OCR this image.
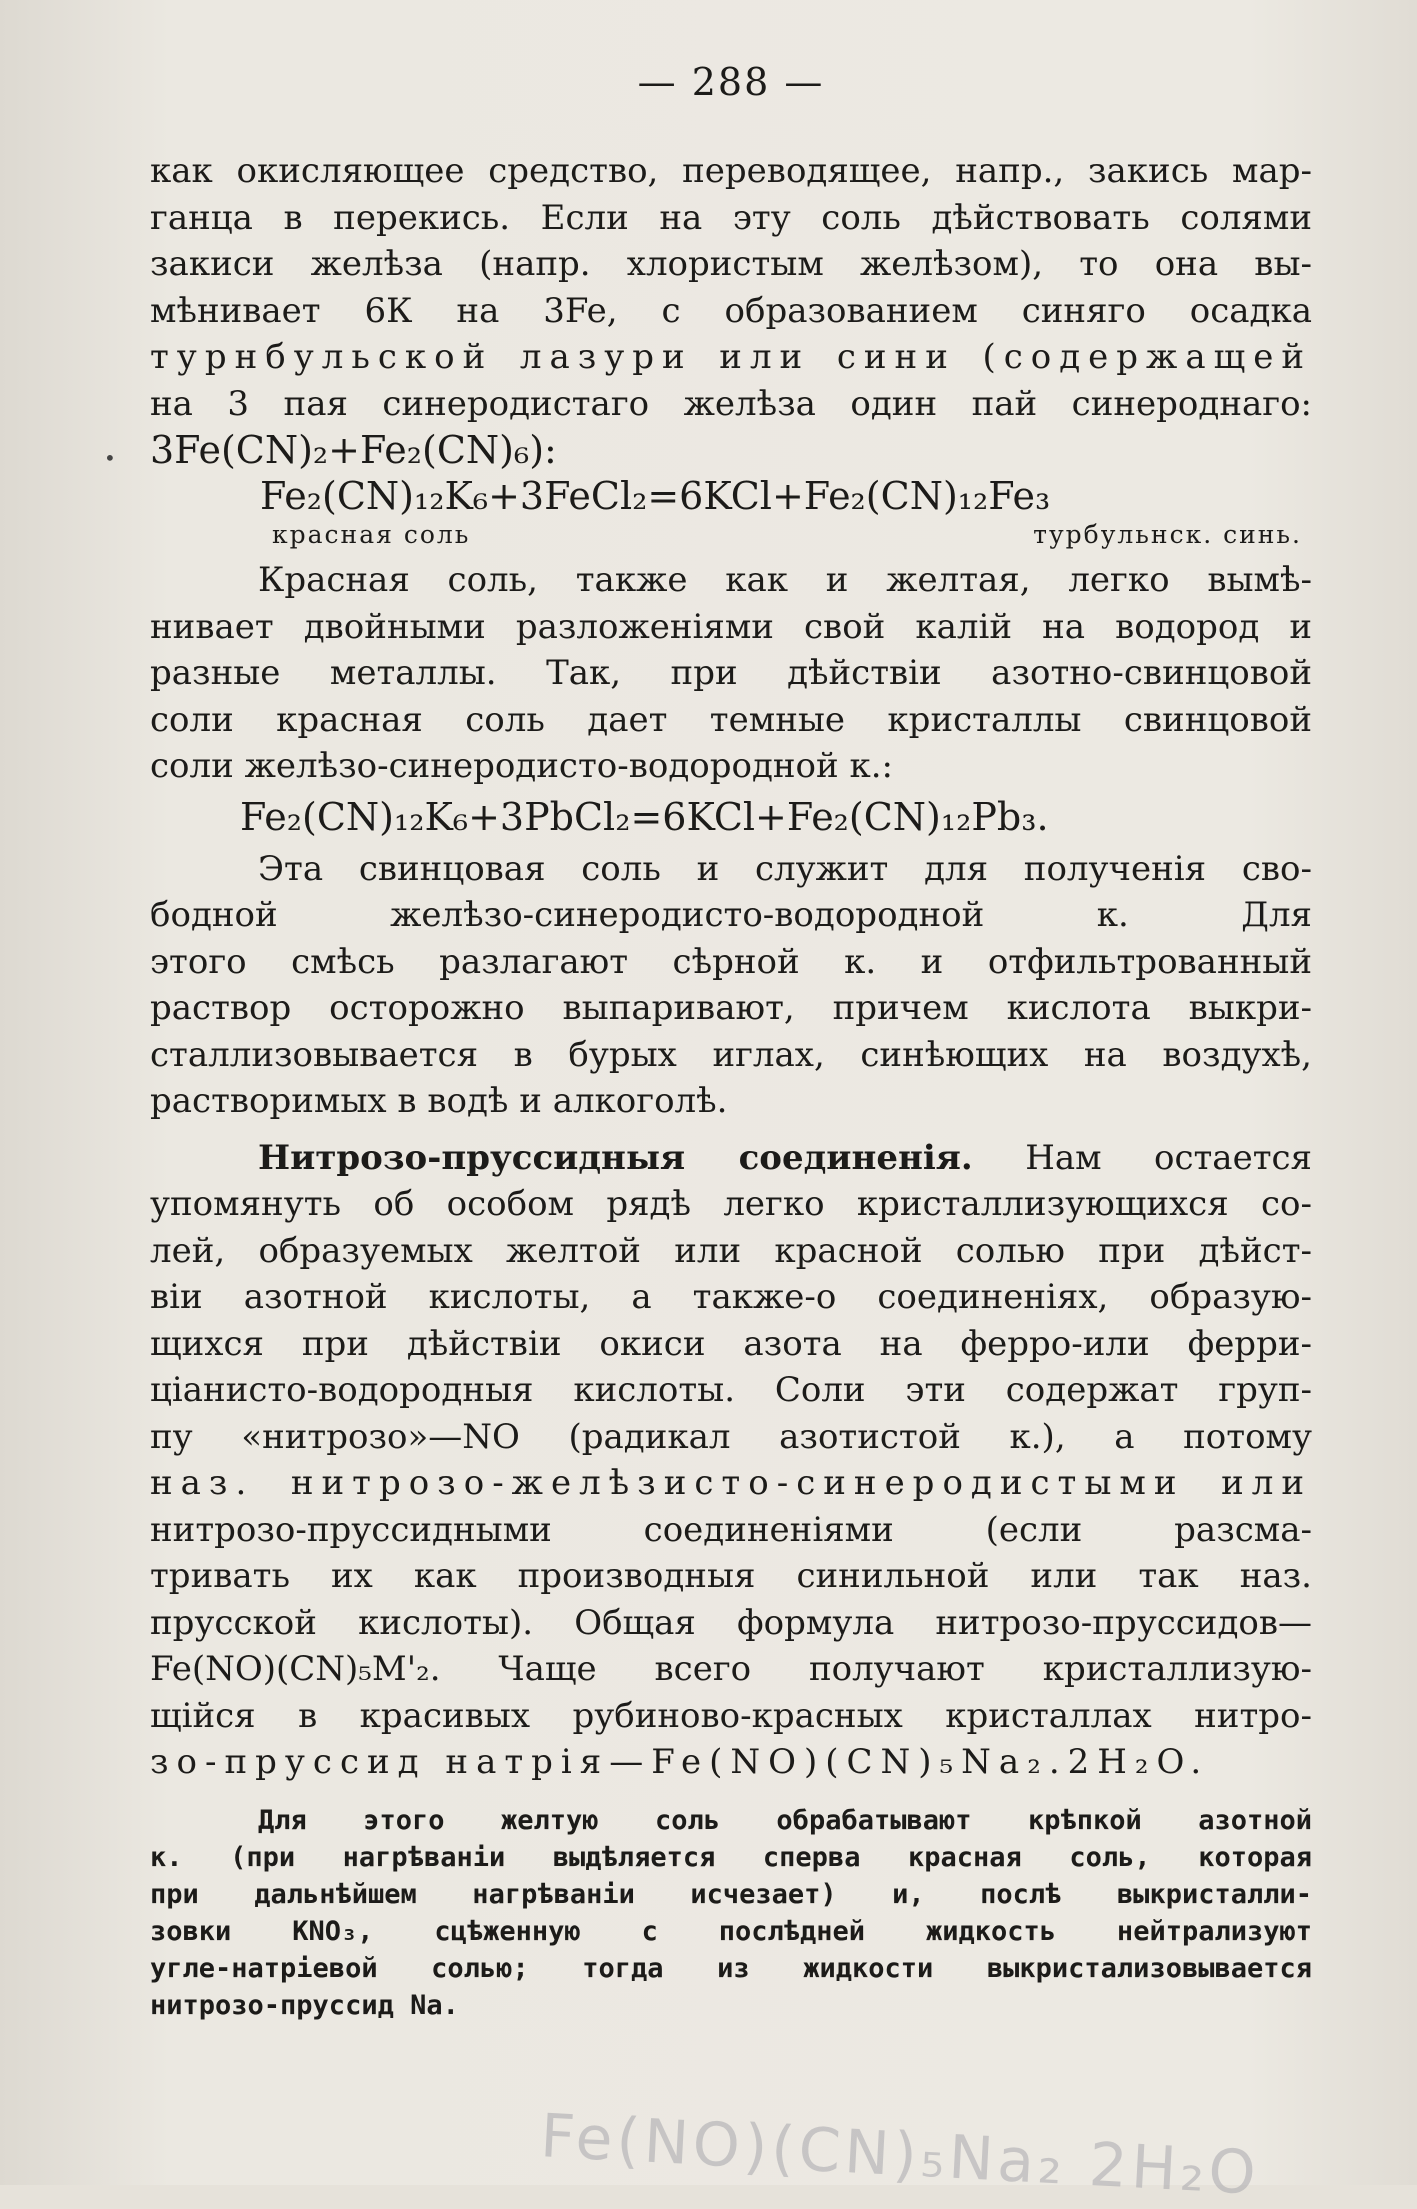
— 288 —
•

как окисляющее средство, переводящее, напр., закись мар-

ганца в перекись. Если на эту соль дѣйствовать солями

закиси желѣза (напр. хлористым желѣзом), то она вы-

мѣнивает 6К на 3Fe, с образованием синяго осадка

турнбульской лазури или сини (содержащей

на 3 пая синеродистаго желѣза один пай синероднаго:

3Fe(CN)₂+Fe₂(CN)₆):

Fe₂(CN)₁₂K₆+3FeCl₂=6KCl+Fe₂(CN)₁₂Fe₃

красная соль	турбульнск. синь.

Красная соль, также как и желтая, легко вымѣ-

нивает двойными разложеніями свой калій на водород и

разные металлы. Так, при дѣйствіи азотно-свинцовой

соли красная соль дает темные кристаллы свинцовой

соли желѣзо-синеродисто-водородной к.:

Fe₂(CN)₁₂K₆+3PbCl₂=6KCl+Fe₂(CN)₁₂Pb₃.

Эта свинцовая соль и служит для полученія сво-

бодной желѣзо-синеродисто-водородной к. Для

этого смѣсь разлагают сѣрной к. и отфильтрованный

раствор осторожно выпаривают, причем кислота выкри-

сталлизовывается в бурых иглах, синѣющих на воздухѣ,

растворимых в водѣ и алкоголѣ.

Нитрозо-пруссидныя соединенія. Нам остается

упомянуть об особом рядѣ легко кристаллизующихся со-

лей, образуемых желтой или красной солью при дѣйст-

віи азотной кислоты, а также-о соединеніях, образую-

щихся при дѣйствіи окиси азота на ферро-или ферри-

ціанисто-водородныя кислоты. Соли эти содержат груп-

пу «нитрозо»—NO (радикал азотистой к.), а потому

наз. нитрозо-желѣзисто-синеродистыми или

нитрозо-пруссидными соединеніями (если разсма-

тривать их как производныя синильной или так наз.

прусской кислоты). Общая формула нитрозо-пруссидов—

Fe(NO)(CN)₅M'₂. Чаще всего получают кристаллизую-

щійся в красивых рубиново-красных кристаллах нитро-

зо-пруссид натрія—Fe(NO)(CN)₅Na₂.2H₂O.

Для этого желтую соль обрабатывают крѣпкой азотной
к. (при нагрѣваніи выдѣляется сперва красная соль, которая
при дальнѣйшем нагрѣваніи исчезает) и, послѣ выкристалли-
зовки KNO₃, сцѣженную с послѣдней жидкость нейтрализуют
угле-натріевой солью; тогда из жидкости выкристализовывается
нитрозо-пруссид Na.
Fe(NO)(CN)₅Na₂ 2H₂O
